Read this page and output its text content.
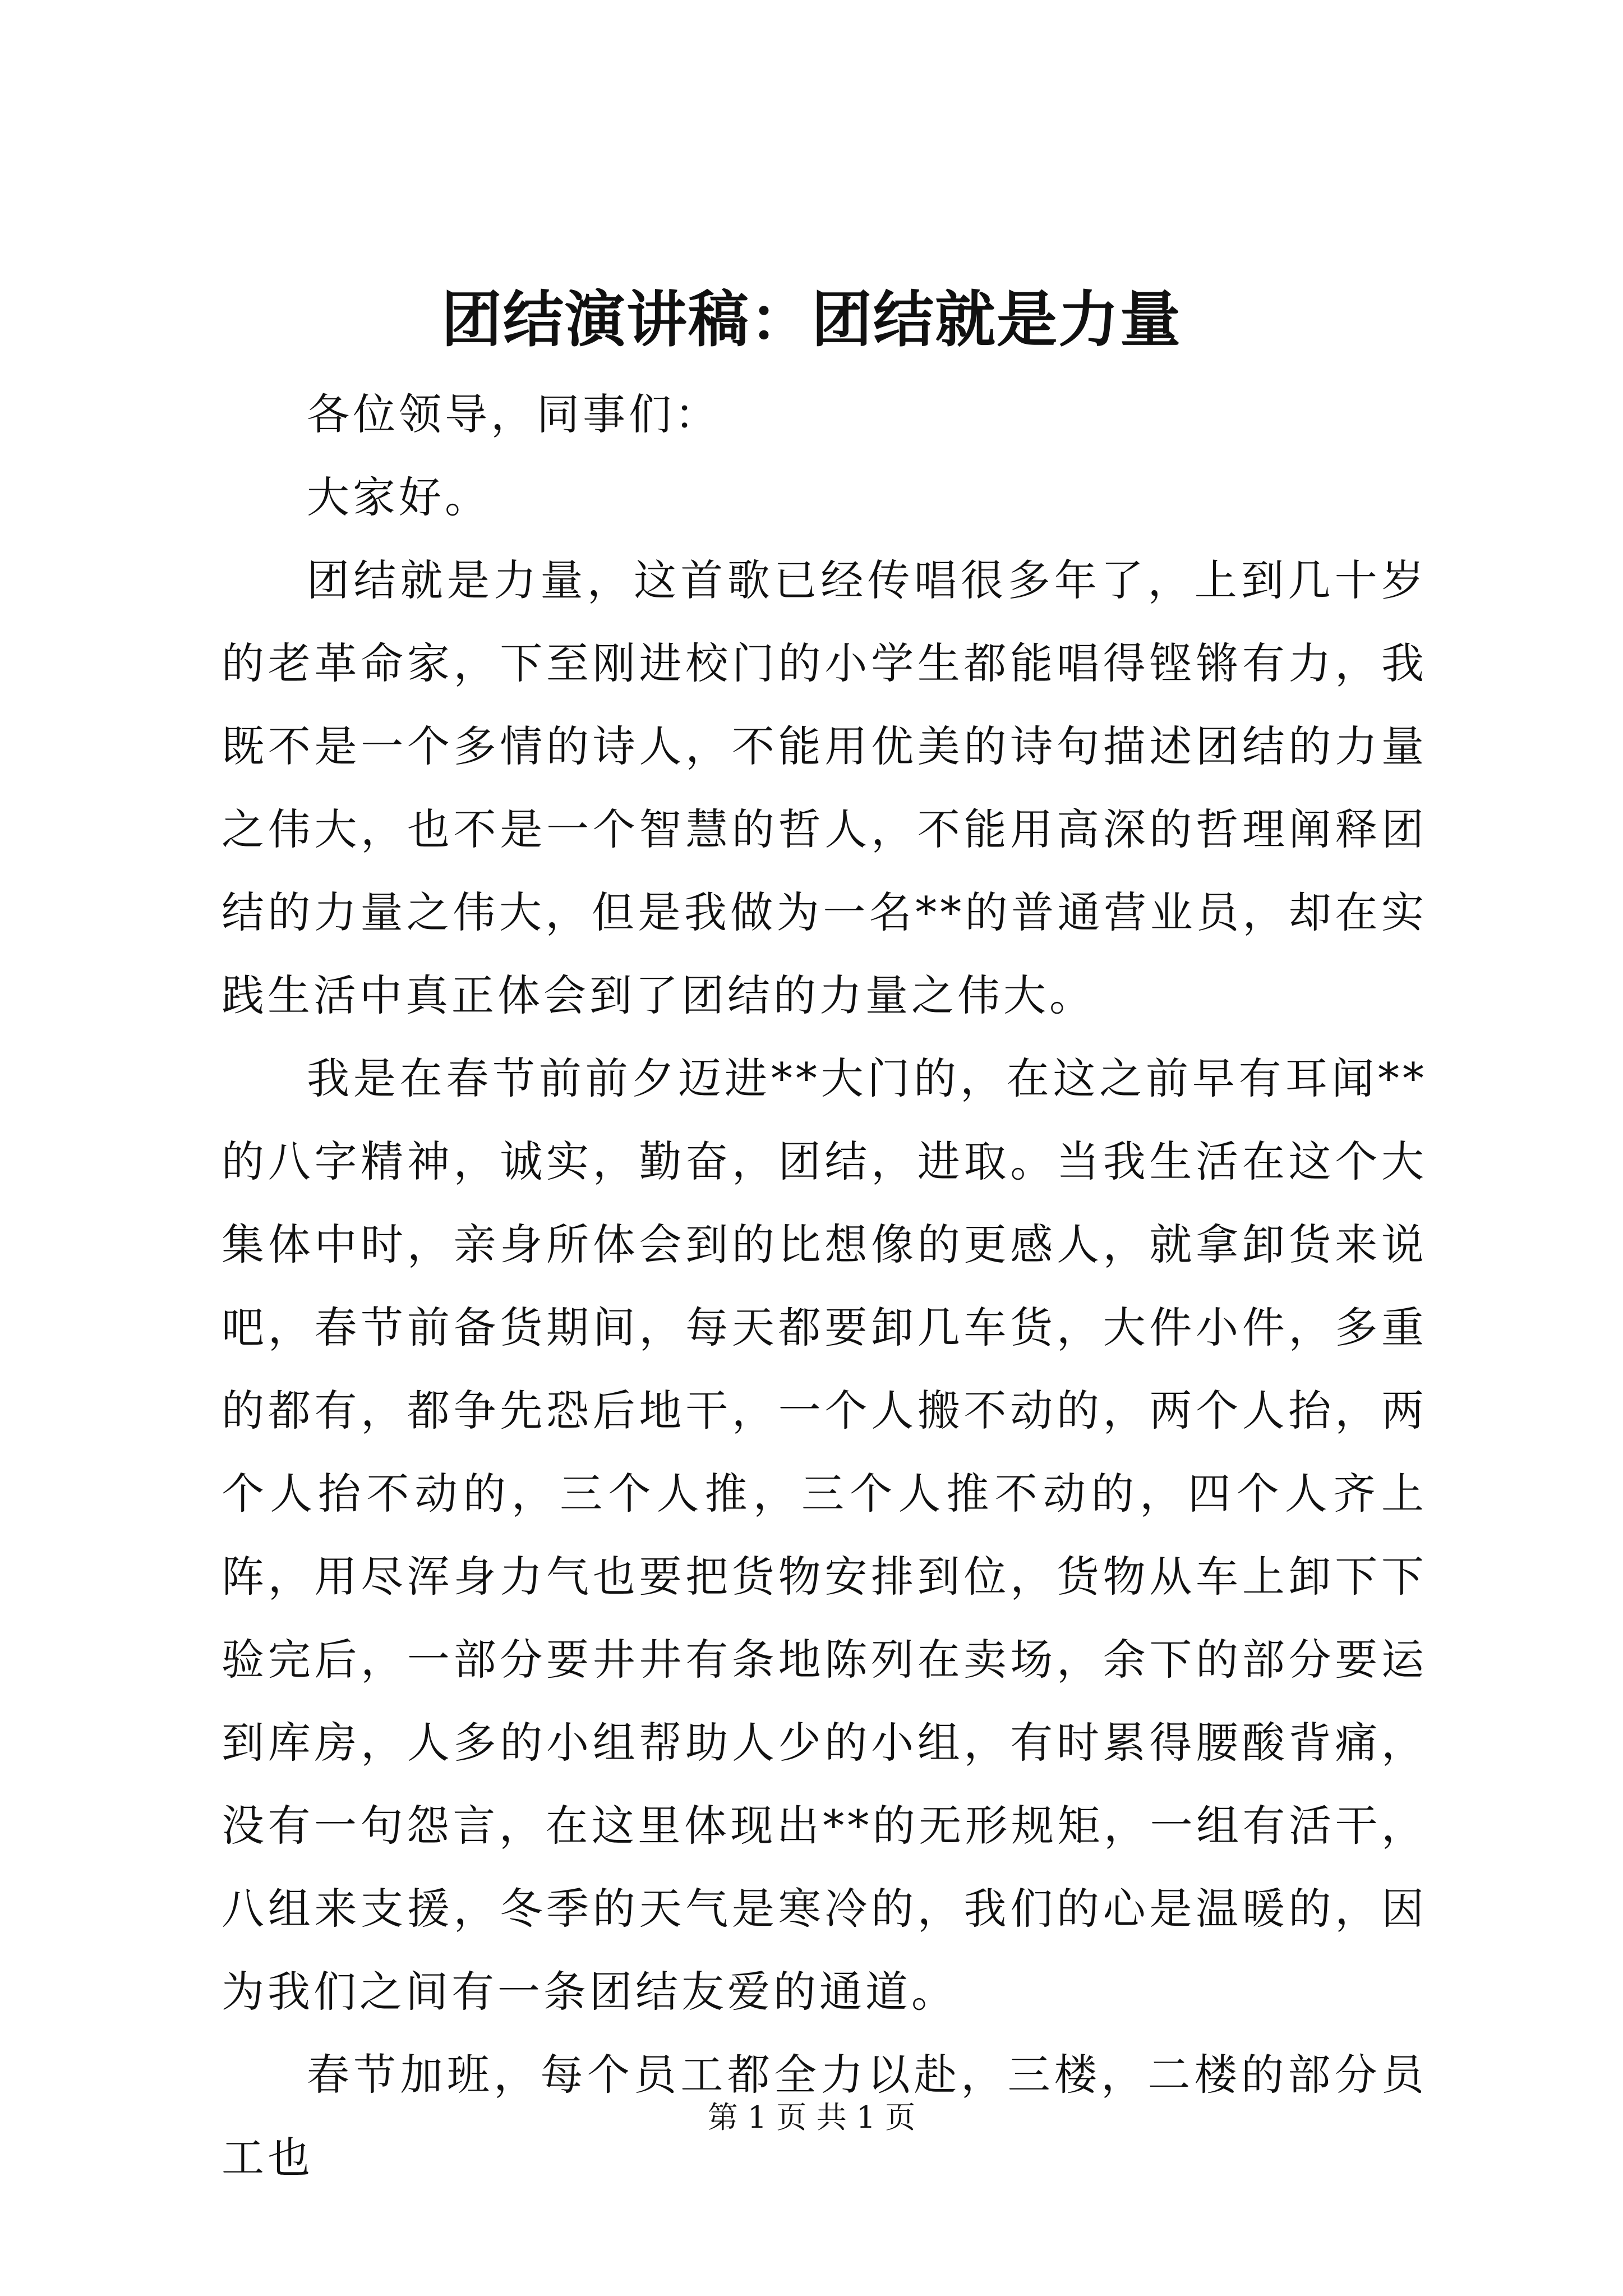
团结演讲稿：团结就是力量

各位领导，同事们：

大家好。

团结就是力量，这首歌已经传唱很多年了，上到几十岁的老革命家，下至刚进校门的小学生都能唱得铿锵有力，我既不是一个多情的诗人，不能用优美的诗句描述团结的力量之伟大，也不是一个智慧的哲人，不能用高深的哲理阐释团结的力量之伟大，但是我做为一名**的普通营业员，却在实践生活中真正体会到了团结的力量之伟大。

我是在春节前前夕迈进**大门的，在这之前早有耳闻**的八字精神，诚实，勤奋，团结，进取。当我生活在这个大集体中时，亲身所体会到的比想像的更感人，就拿卸货来说吧，春节前备货期间，每天都要卸几车货，大件小件，多重的都有，都争先恐后地干，一个人搬不动的，两个人抬，两个人抬不动的，三个人推，三个人推不动的，四个人齐上阵，用尽浑身力气也要把货物安排到位，货物从车上卸下下验完后，一部分要井井有条地陈列在卖场，余下的部分要运到库房，人多的小组帮助人少的小组，有时累得腰酸背痛，没有一句怨言，在这里体现出**的无形规矩，一组有活干，八组来支援，冬季的天气是寒冷的，我们的心是温暖的，因为我们之间有一条团结友爱的通道。

春节加班，每个员工都全力以赴，三楼，二楼的部分员工也

第 1 页 共 1 页
